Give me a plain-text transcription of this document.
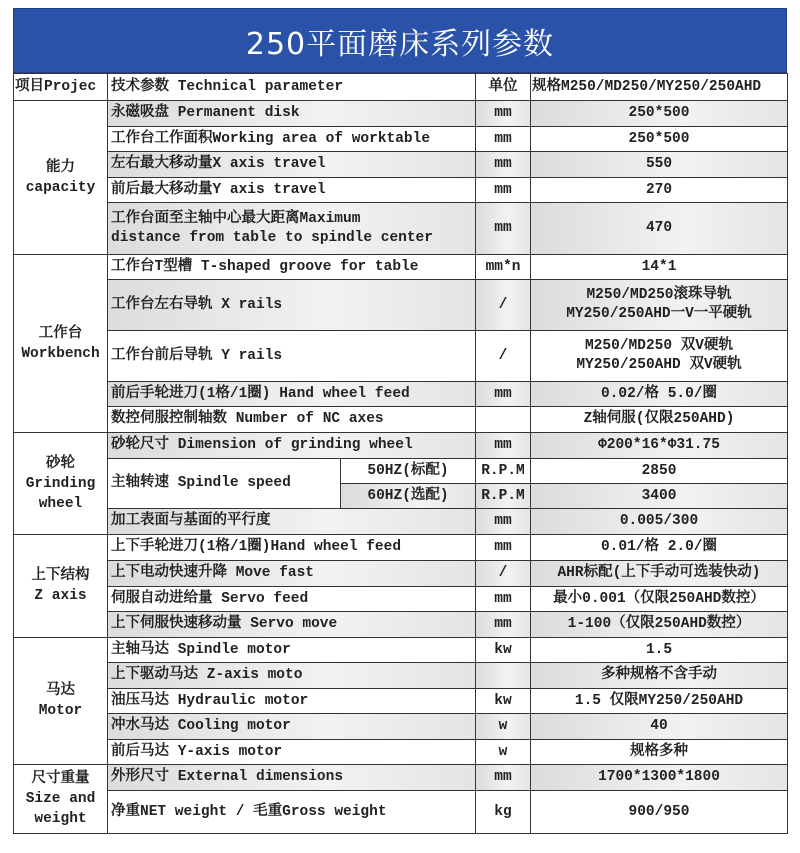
250平面磨床系列参数
项目Projec	技术参数 Technical parameter		单位	规格M250/MD250/MY250/250AHD

能力
capacity	永磁吸盘 Permanent disk		mm	250*500

	工作台工作面积Working area of worktable		mm	250*500

	左右最大移动量X axis travel		mm	550

	前后最大移动量Y axis travel		mm	270

	工作台面至主轴中心最大距离Maximum
distance from table to spindle center		mm	470

工作台
Workbench	工作台T型槽 T-shaped groove for table		mm*n	14*1

	工作台左右导轨 X rails		/	M250/MD250滚珠导轨
MY250/250AHD一V一平硬轨

	工作台前后导轨 Y rails		/	M250/MD250 双V硬轨
MY250/250AHD 双V硬轨

	前后手轮进刀(1格/1圈) Hand wheel feed		mm	0.02/格 5.0/圈

	数控伺服控制轴数 Number of NC axes			Z轴伺服(仅限250AHD)

砂轮
Grinding wheel	砂轮尺寸 Dimension of grinding wheel		mm	Φ200*16*Φ31.75

	主轴转速 Spindle speed	50HZ(标配)	R.P.M	2850

		60HZ(选配)	R.P.M	3400

	加工表面与基面的平行度		mm	0.005/300

上下结构
Z axis	上下手轮进刀(1格/1圈)Hand wheel feed		mm	0.01/格 2.0/圈

	上下电动快速升降 Move fast		/	AHR标配(上下手动可选装快动)

	伺服自动进给量 Servo feed		mm	最小0.001（仅限250AHD数控）

	上下伺服快速移动量 Servo move		mm	1-100（仅限250AHD数控）

马达
Motor	主轴马达 Spindle motor		kw	1.5

	上下驱动马达 Z-axis moto			多种规格不含手动

	油压马达 Hydraulic motor		kw	1.5 仅限MY250/250AHD

	冲水马达 Cooling motor		w	40

	前后马达 Y-axis motor		w	规格多种

尺寸重量
Size and weight	外形尺寸 External dimensions		mm	1700*1300*1800

	净重NET weight / 毛重Gross weight		kg	900/950
